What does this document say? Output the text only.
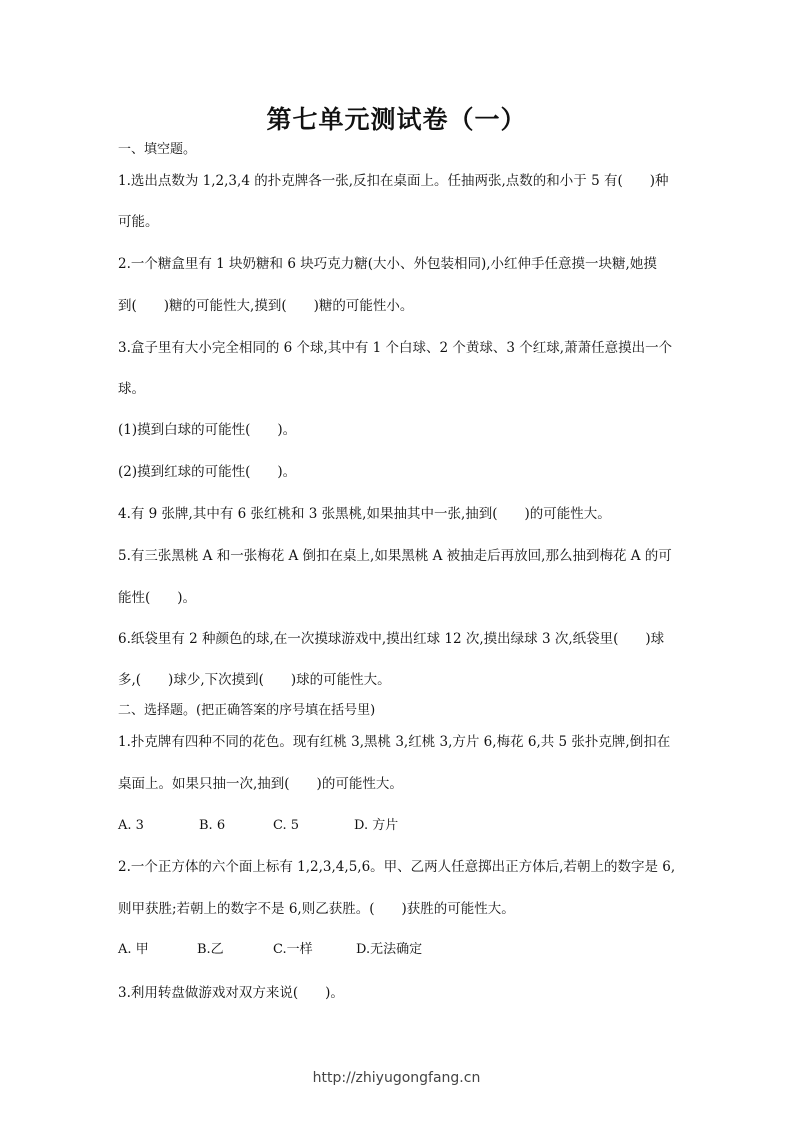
第七单元测试卷（一）
一、填空题。
1.选出点数为 1,2,3,4 的扑克牌各一张,反扣在桌面上。任抽两张,点数的和小于 5 有(　　)种
可能。
2.一个糖盒里有 1 块奶糖和 6 块巧克力糖(大小、外包装相同),小红伸手任意摸一块糖,她摸
到(　　)糖的可能性大,摸到(　　)糖的可能性小。
3.盒子里有大小完全相同的 6 个球,其中有 1 个白球、2 个黄球、3 个红球,萧萧任意摸出一个
球。
(1)摸到白球的可能性(　　)。
(2)摸到红球的可能性(　　)。
4.有 9 张牌,其中有 6 张红桃和 3 张黑桃,如果抽其中一张,抽到(　　)的可能性大。
5.有三张黑桃 A 和一张梅花 A 倒扣在桌上,如果黑桃 A 被抽走后再放回,那么抽到梅花 A 的可
能性(　　)。
6.纸袋里有 2 种颜色的球,在一次摸球游戏中,摸出红球 12 次,摸出绿球 3 次,纸袋里(　　)球
多,(　　)球少,下次摸到(　　)球的可能性大。
二、选择题。(把正确答案的序号填在括号里)
1.扑克牌有四种不同的花色。现有红桃 3,黑桃 3,红桃 3,方片 6,梅花 6,共 5 张扑克牌,倒扣在
桌面上。如果只抽一次,抽到(　　)的可能性大。
A. 3	B. 6	C. 5	D. 方片
2.一个正方体的六个面上标有 1,2,3,4,5,6。甲、乙两人任意掷出正方体后,若朝上的数字是 6,
则甲获胜;若朝上的数字不是 6,则乙获胜。(　　)获胜的可能性大。
A. 甲	B.乙	C.一样	D.无法确定
3.利用转盘做游戏对双方来说(　　)。
http://zhiyugongfang.cn
